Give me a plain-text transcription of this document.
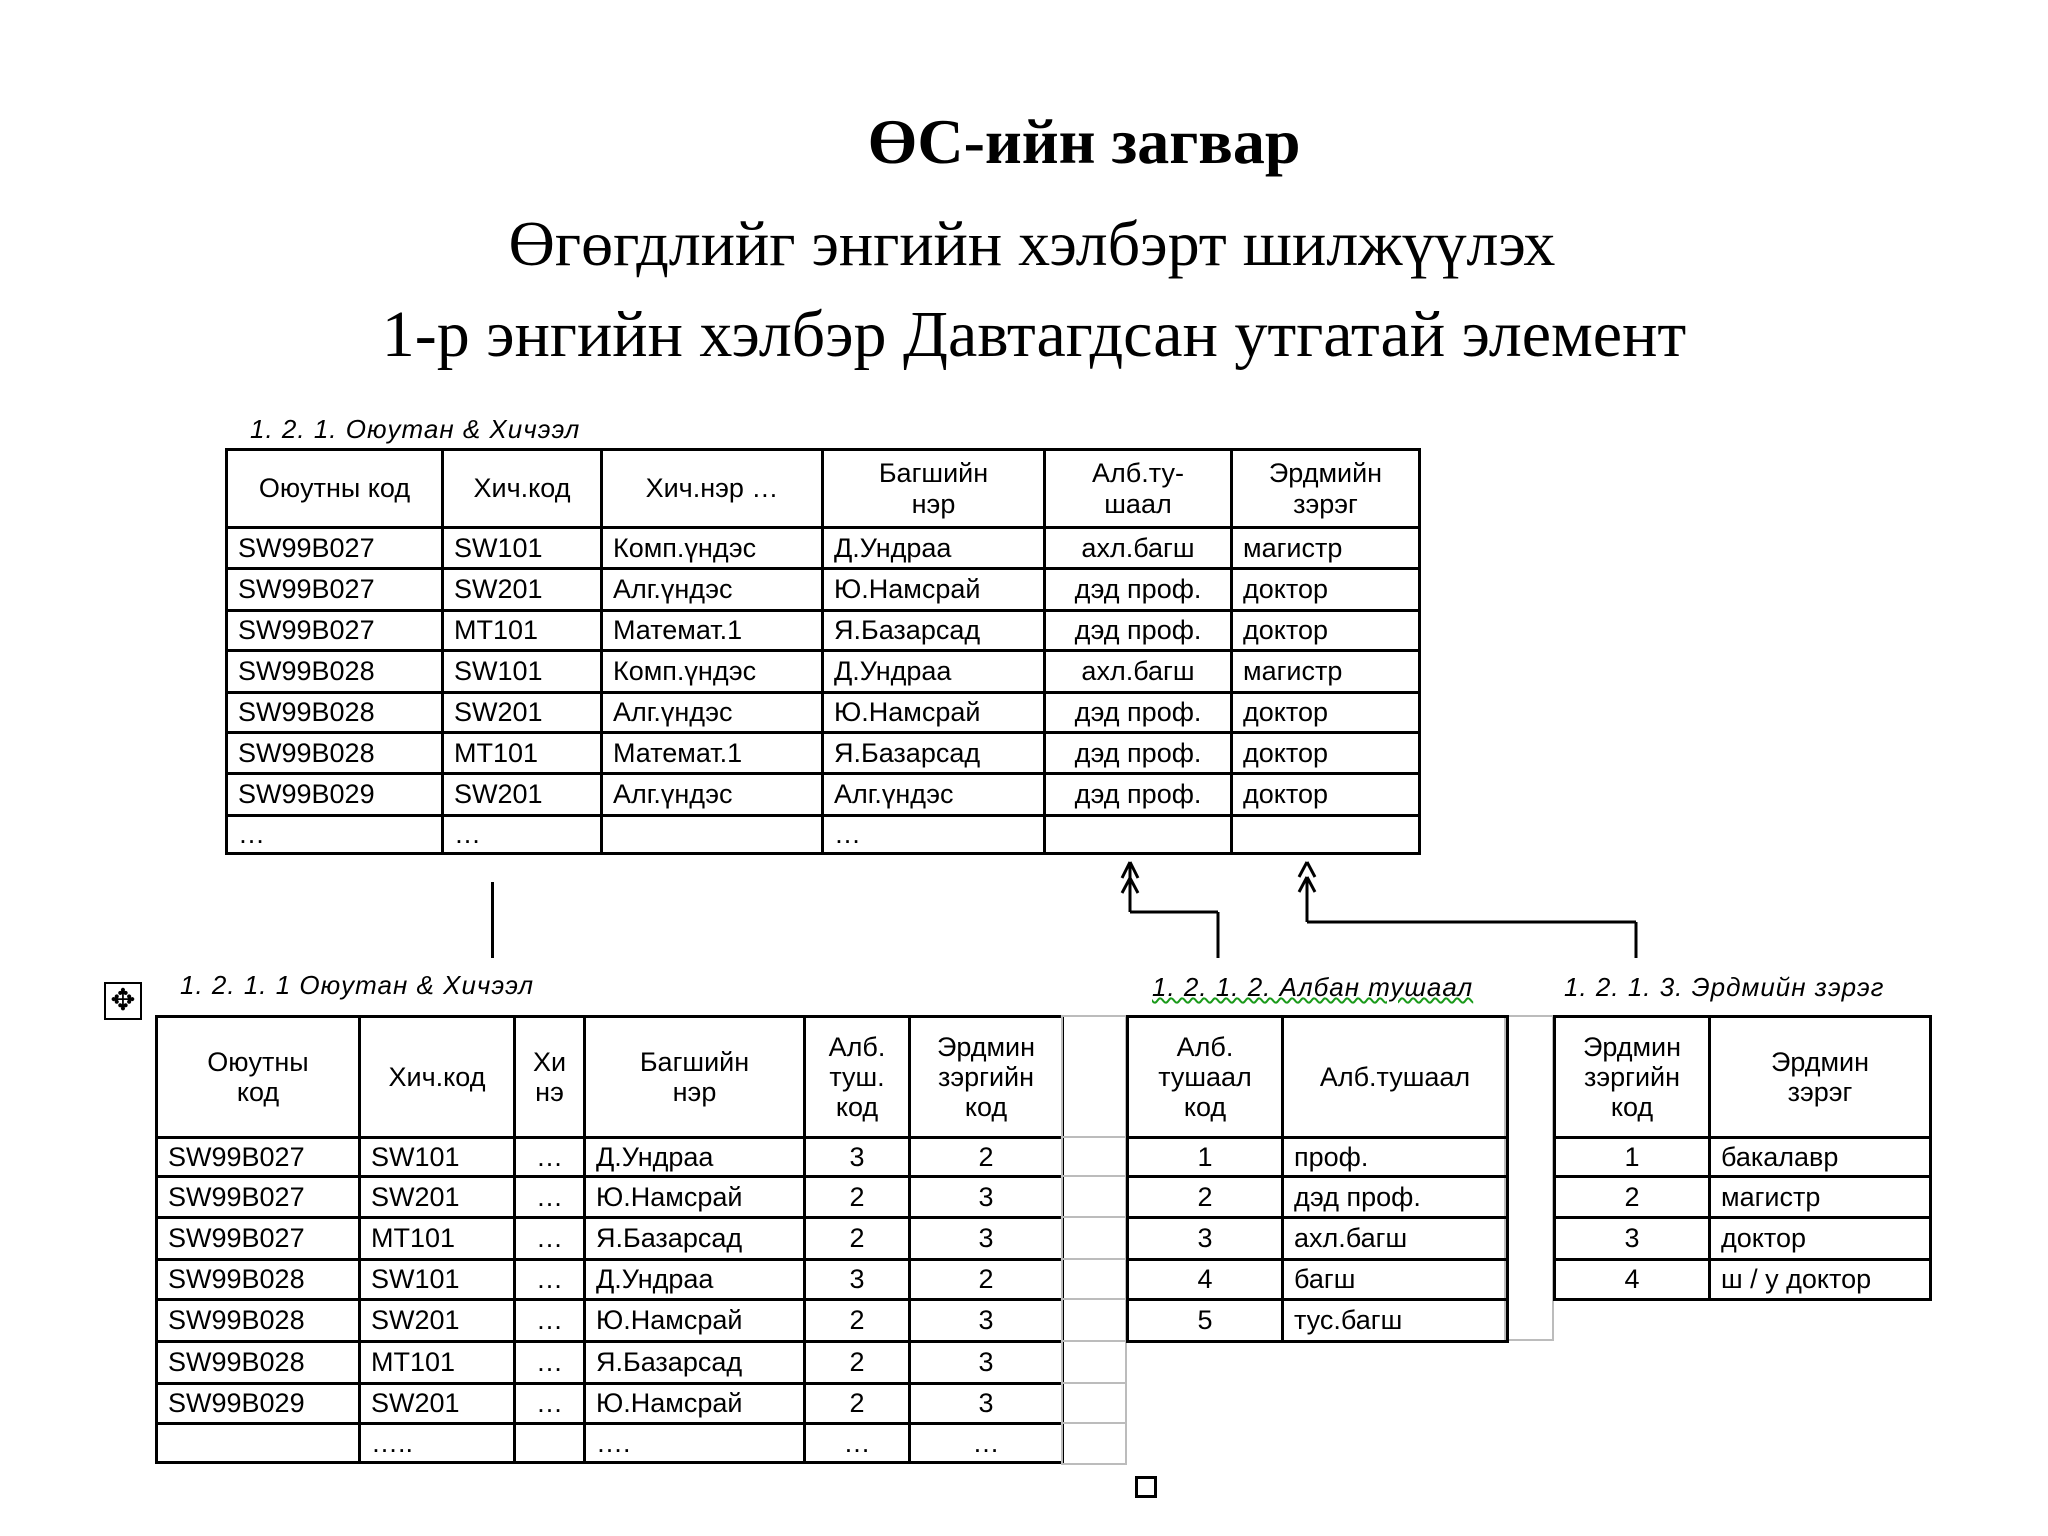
ӨС-ийн загвар
Өгөгдлийг энгийн хэлбэрт шилжүүлэх
1-р энгийн хэлбэр Давтагдсан утгатай элемент
1. 2. 1. Оюутан & Хичээл
Оюутны код	Хич.код	Хич.нэр …	Багшийн нэр	Алб.ту-шаал	Эрдмийн зэрэг
SW99B027	SW101	Комп.үндэс	Д.Ундраа	ахл.багш	магистр
SW99B027	SW201	Алг.үндэс	Ю.Намсрай	дэд проф.	доктор
SW99B027	MT101	Математ.1	Я.Базарсад	дэд проф.	доктор
SW99B028	SW101	Комп.үндэс	Д.Ундраа	ахл.багш	магистр
SW99B028	SW201	Алг.үндэс	Ю.Намсрай	дэд проф.	доктор
SW99B028	MT101	Математ.1	Я.Базарсад	дэд проф.	доктор
SW99B029	SW201	Алг.үндэс	Алг.үндэс	дэд проф.	доктор
…	…		…		
✥ 1. 2. 1. 1 Оюутан & Хичээл
Оюутны код	Хич.код	Хи нэ	Багшийн нэр	Алб. туш. код	Эрдмин зэргийн код
SW99B027	SW101	…	Д.Ундраа	3	2
SW99B027	SW201	…	Ю.Намсрай	2	3
SW99B027	MT101	…	Я.Базарсад	2	3
SW99B028	SW101	…	Д.Ундраа	3	2
SW99B028	SW201	…	Ю.Намсрай	2	3
SW99B028	MT101	…	Я.Базарсад	2	3
SW99B029	SW201	…	Ю.Намсрай	2	3
	…..		….	…	…
1. 2. 1. 2. Албан тушаал
Алб. тушаал код	Алб.тушаал
1	проф.
2	дэд проф.
3	ахл.багш
4	багш
5	тус.багш
1. 2. 1. 3. Эрдмийн зэрэг
Эрдмин зэргийн код	Эрдмин зэрэг
1	бакалавр
2	магистр
3	доктор
4	ш / у доктор
